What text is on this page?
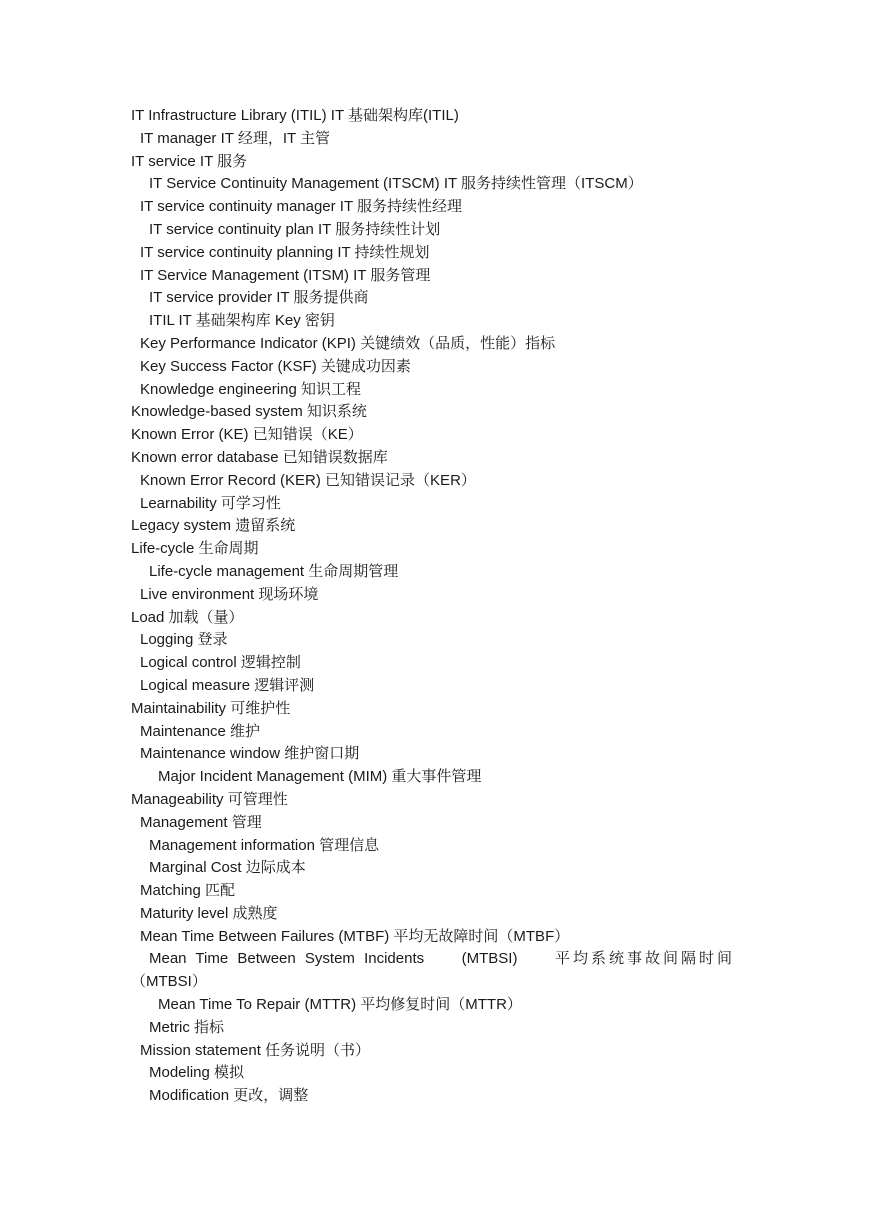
IT Infrastructure Library (ITIL) IT 基础架构库(ITIL)
IT manager IT 经理，IT 主管
IT service IT 服务
IT Service Continuity Management (ITSCM) IT 服务持续性管理（ITSCM）
IT service continuity manager IT 服务持续性经理
IT service continuity plan IT 服务持续性计划
IT service continuity planning IT 持续性规划
IT Service Management (ITSM) IT 服务管理
IT service provider IT 服务提供商
ITIL IT 基础架构库 Key 密钥
Key Performance Indicator (KPI) 关键绩效（品质，性能）指标
Key Success Factor (KSF) 关键成功因素
Knowledge engineering 知识工程
Knowledge-based system 知识系统
Known Error (KE) 已知错误（KE）
Known error database 已知错误数据库
Known Error Record (KER) 已知错误记录（KER）
Learnability 可学习性
Legacy system 遗留系统
Life-cycle 生命周期
Life-cycle management 生命周期管理
Live environment 现场环境
Load 加载（量）
Logging 登录
Logical control 逻辑控制
Logical measure 逻辑评测
Maintainability 可维护性
Maintenance 维护
Maintenance window 维护窗口期
Major Incident Management (MIM) 重大事件管理
Manageability 可管理性
Management 管理
Management information 管理信息
Marginal Cost 边际成本
Matching 匹配
Maturity level 成熟度
Mean Time Between Failures (MTBF) 平均无故障时间（MTBF）
Mean Time Between System Incidents	(MTBSI)	平均系统事故间隔时间
（MTBSI）
Mean Time To Repair (MTTR) 平均修复时间（MTTR）
Metric 指标
Mission statement 任务说明（书）
Modeling 模拟
Modification 更改，调整
